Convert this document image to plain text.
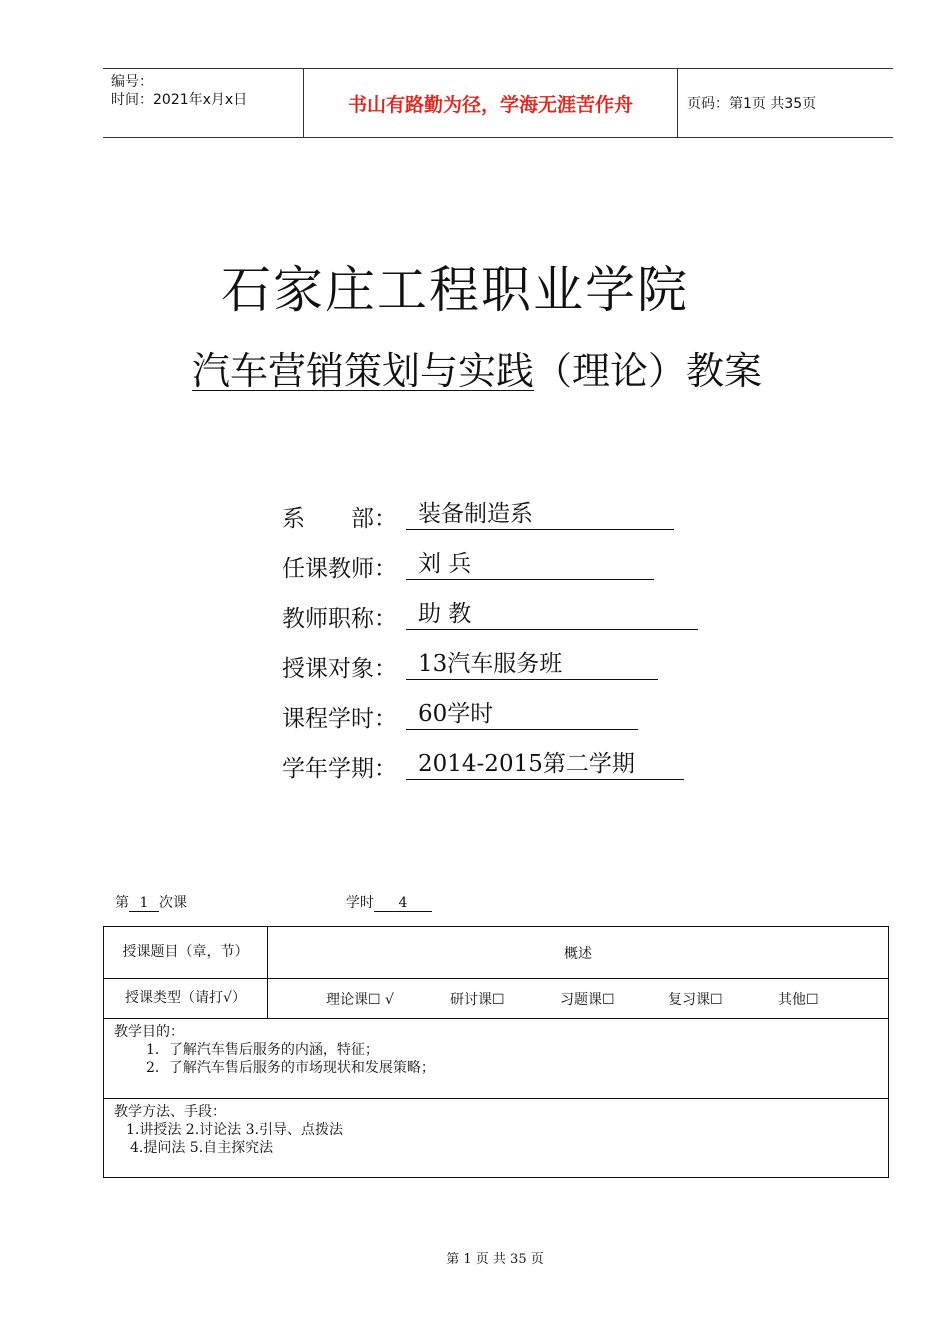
编号：
时间：2021年x月x日	书山有路勤为径，学海无涯苦作舟	页码：第1页 共35页
石家庄工程职业学院
汽车营销策划与实践（理论）教案
系　　部： 装备制造系
任课教师： 刘 兵
教师职称： 助 教
授课对象： 13汽车服务班
课程学时： 60学时
学年学期： 2014-2015第二学期
第 1 次课	学时 4
授课题目（章，节）	概述
授课类型（请打√）	理论课☐ √	研讨课☐	习题课☐	复习课☐	其他☐
教学目的：
1．了解汽车售后服务的内涵，特征；
2．了解汽车售后服务的市场现状和发展策略；
教学方法、手段：
1.讲授法 2.讨论法 3.引导、点拨法
4.提问法 5.自主探究法
第 1 页 共 35 页
